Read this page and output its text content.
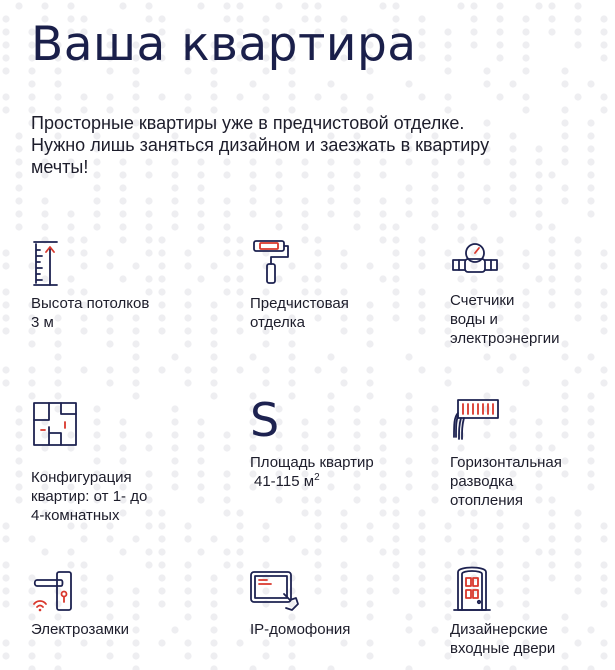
Ваша квартира

Просторные квартиры уже в предчистовой отделке.
Нужно лишь заняться дизайном и заезжать в квартиру
мечты!

Высота потолков
3 м
Предчистовая
отделка
Счетчики
воды и
электроэнергии
Конфигурация
квартир: от 1- до
4-комнатных
S
Площадь квартир
41-115 $м^2$
Горизонтальная
разводка
отопления
Электрозамки	IP-домофония	Дизайнерские
входные двери
